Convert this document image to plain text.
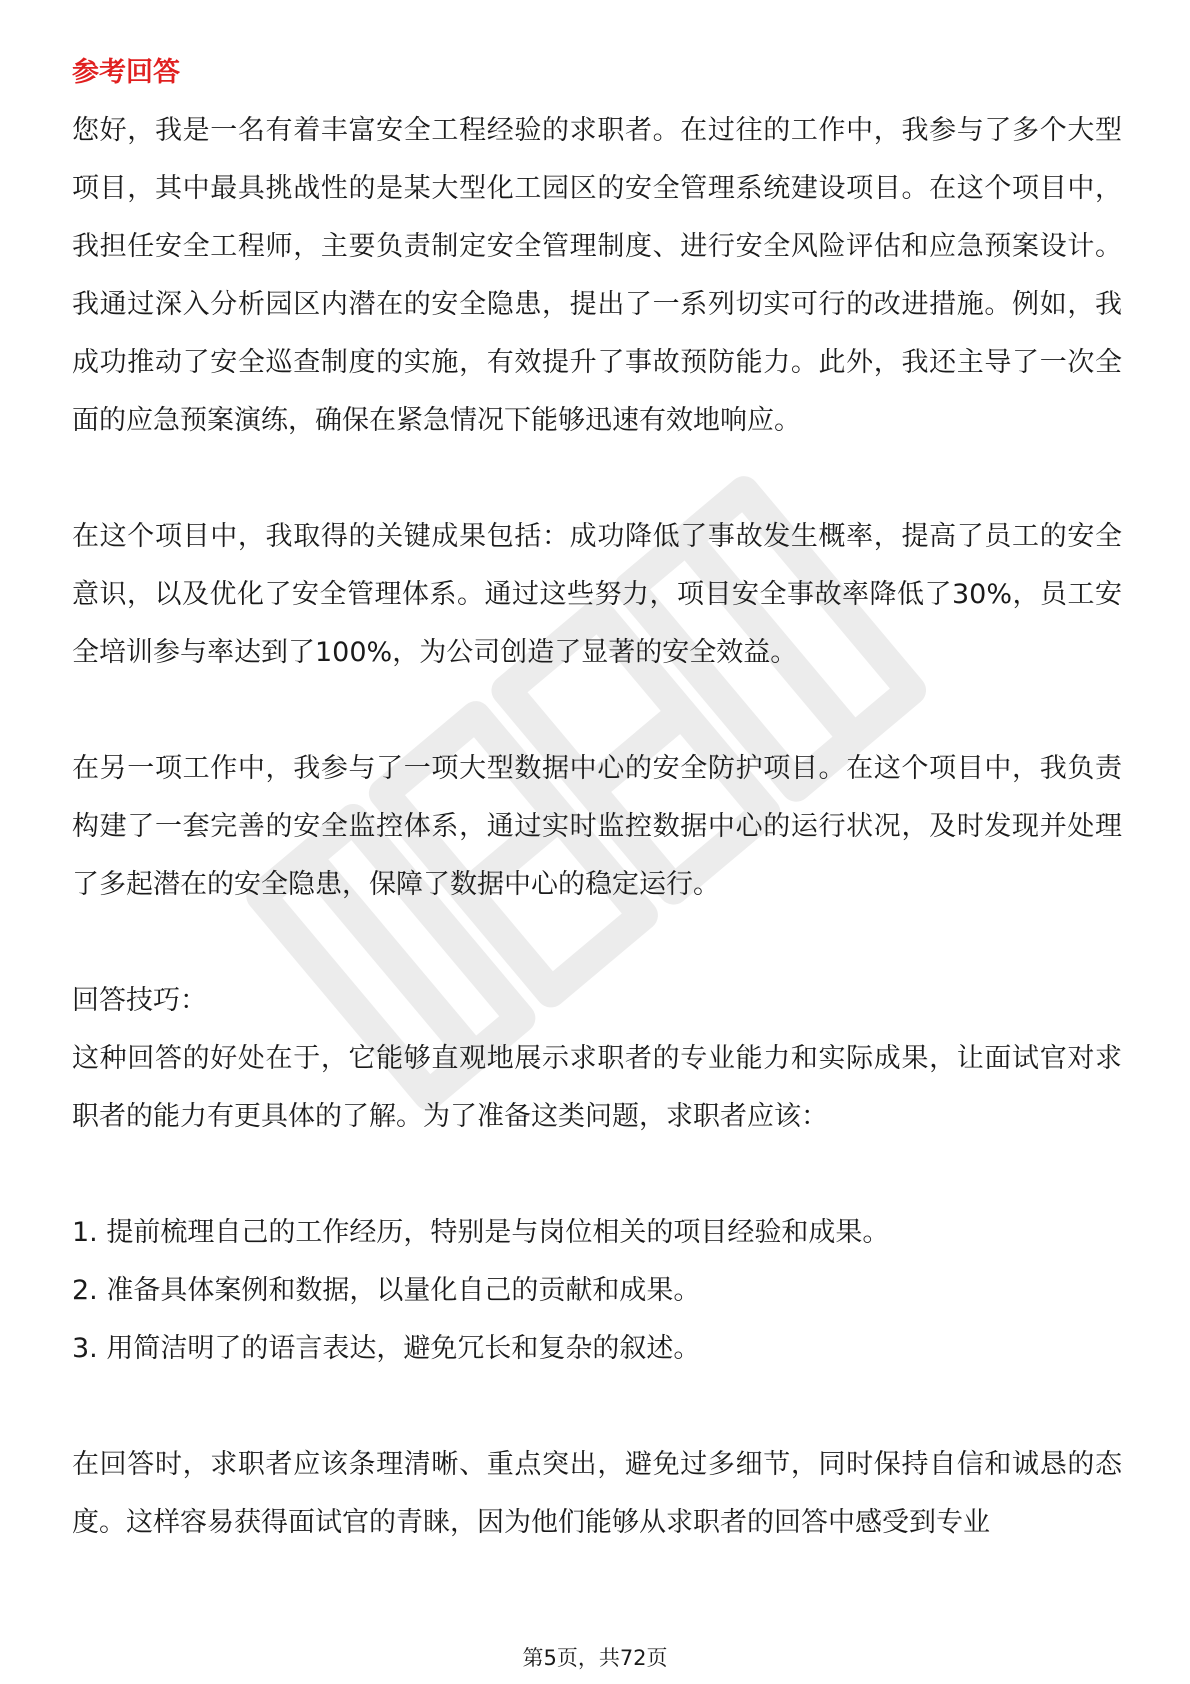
参考回答

您好，我是一名有着丰富安全工程经验的求职者。在过往的工作中，我参与了多个大型项目，其中最具挑战性的是某大型化工园区的安全管理系统建设项目。在这个项目中，我担任安全工程师，主要负责制定安全管理制度、进行安全风险评估和应急预案设计。我通过深入分析园区内潜在的安全隐患，提出了一系列切实可行的改进措施。例如，我成功推动了安全巡查制度的实施，有效提升了事故预防能力。此外，我还主导了一次全面的应急预案演练，确保在紧急情况下能够迅速有效地响应。

在这个项目中，我取得的关键成果包括：成功降低了事故发生概率，提高了员工的安全意识，以及优化了安全管理体系。通过这些努力，项目安全事故率降低了30%，员工安全培训参与率达到了100%，为公司创造了显著的安全效益。

在另一项工作中，我参与了一项大型数据中心的安全防护项目。在这个项目中，我负责构建了一套完善的安全监控体系，通过实时监控数据中心的运行状况，及时发现并处理了多起潜在的安全隐患，保障了数据中心的稳定运行。

回答技巧：

这种回答的好处在于，它能够直观地展示求职者的专业能力和实际成果，让面试官对求职者的能力有更具体的了解。为了准备这类问题，求职者应该：

1. 提前梳理自己的工作经历，特别是与岗位相关的项目经验和成果。

2. 准备具体案例和数据，以量化自己的贡献和成果。

3. 用简洁明了的语言表达，避免冗长和复杂的叙述。

在回答时，求职者应该条理清晰、重点突出，避免过多细节，同时保持自信和诚恳的态度。这样容易获得面试官的青睐，因为他们能够从求职者的回答中感受到专业

第5页，共72页
